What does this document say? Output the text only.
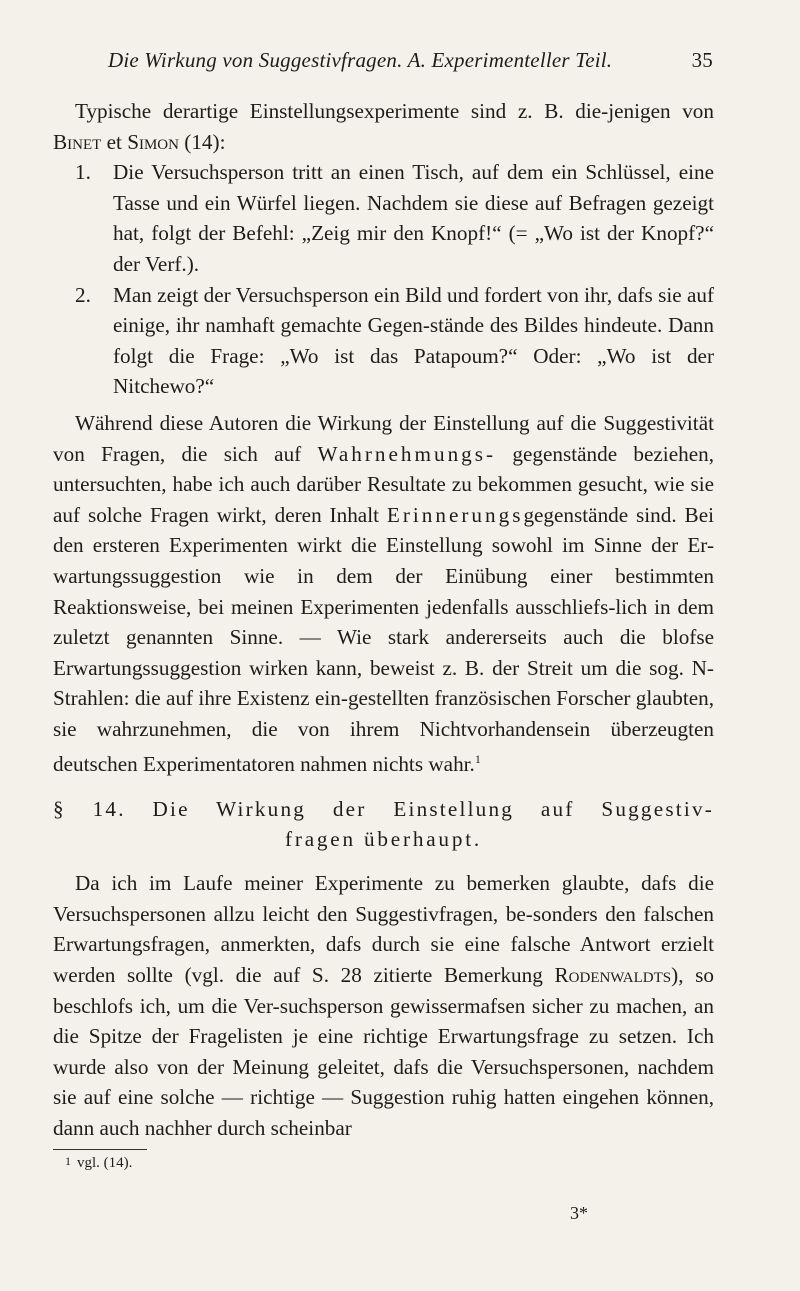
Die Wirkung von Suggestivfragen. A. Experimenteller Teil.	35

Typische derartige Einstellungsexperimente sind z. B. die-jenigen von Binet et Simon (14):

1. Die Versuchsperson tritt an einen Tisch, auf dem ein Schlüssel, eine Tasse und ein Würfel liegen. Nachdem sie diese auf Befragen gezeigt hat, folgt der Befehl: „Zeig mir den Knopf!“ (= „Wo ist der Knopf?“ der Verf.).

2. Man zeigt der Versuchsperson ein Bild und fordert von ihr, dafs sie auf einige, ihr namhaft gemachte Gegen-stände des Bildes hindeute. Dann folgt die Frage: „Wo ist das Patapoum?“ Oder: „Wo ist der Nitchewo?“

Während diese Autoren die Wirkung der Einstellung auf die Suggestivität von Fragen, die sich auf Wahrnehmungs- gegenstände beziehen, untersuchten, habe ich auch darüber Resultate zu bekommen gesucht, wie sie auf solche Fragen wirkt, deren Inhalt Erinnerungsgegenstände sind. Bei den ersteren Experimenten wirkt die Einstellung sowohl im Sinne der Er-wartungssuggestion wie in dem der Einübung einer bestimmten Reaktionsweise, bei meinen Experimenten jedenfalls ausschliefs-lich in dem zuletzt genannten Sinne. — Wie stark andererseits auch die blofse Erwartungssuggestion wirken kann, beweist z. B. der Streit um die sog. N-Strahlen: die auf ihre Existenz ein-gestellten französischen Forscher glaubten, sie wahrzunehmen, die von ihrem Nichtvorhandensein überzeugten deutschen Experimentatoren nahmen nichts wahr.$^1$

§ 14. Die Wirkung der Einstellung auf Suggestiv-
fragen überhaupt.

Da ich im Laufe meiner Experimente zu bemerken glaubte, dafs die Versuchspersonen allzu leicht den Suggestivfragen, be-sonders den falschen Erwartungsfragen, anmerkten, dafs durch sie eine falsche Antwort erzielt werden sollte (vgl. die auf S. 28 zitierte Bemerkung Rodenwaldts), so beschlofs ich, um die Ver-suchsperson gewissermafsen sicher zu machen, an die Spitze der Fragelisten je eine richtige Erwartungsfrage zu setzen. Ich wurde also von der Meinung geleitet, dafs die Versuchspersonen, nachdem sie auf eine solche — richtige — Suggestion ruhig hatten eingehen können, dann auch nachher durch scheinbar

1 vgl. (14).

3*
